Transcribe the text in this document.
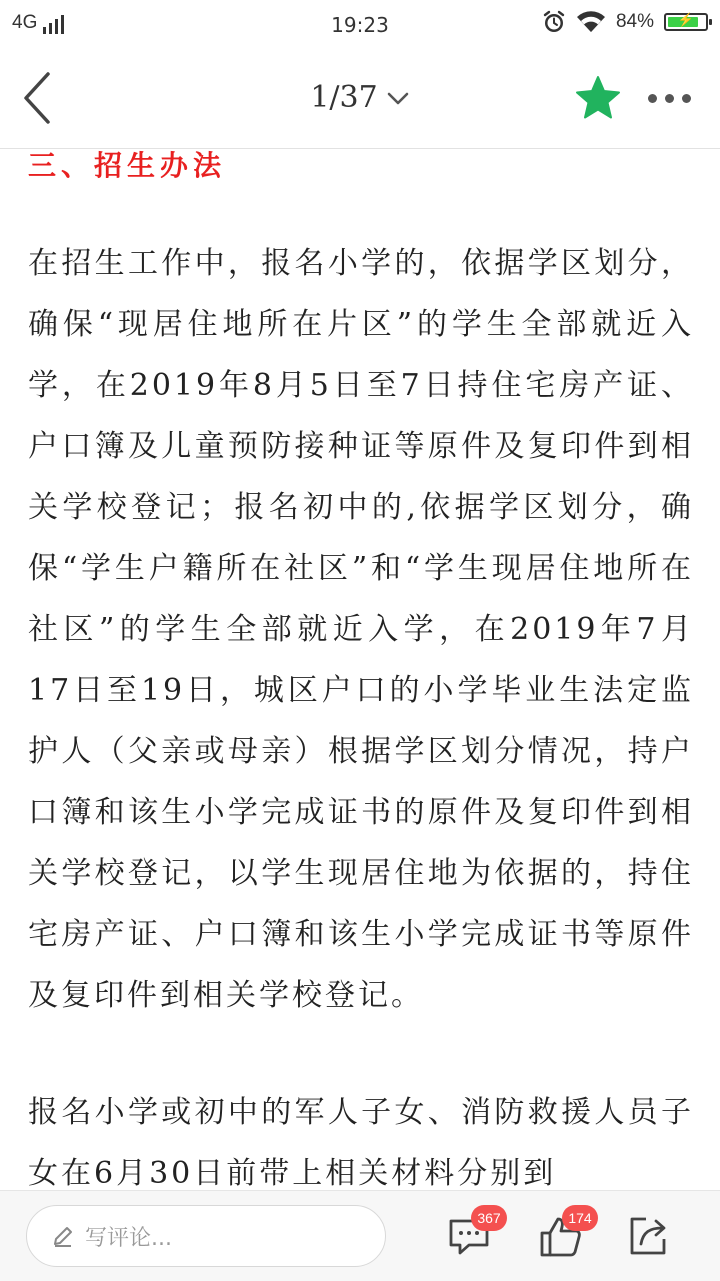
4G	19:23	84%	⚡
1/37
三、招生办法

在招生工作中，报名小学的，依据学区划分，确保“现居住地所在片区”的学生全部就近入学，在2019年8月5日至7日持住宅房产证、户口簿及儿童预防接种证等原件及复印件到相关学校登记；报名初中的,依据学区划分，确保“学生户籍所在社区”和“学生现居住地所在社区”的学生全部就近入学，在2019年7月17日至19日，城区户口的小学毕业生法定监护人（父亲或母亲）根据学区划分情况，持户口簿和该生小学完成证书的原件及复印件到相关学校登记，以学生现居住地为依据的，持住宅房产证、户口簿和该生小学完成证书等原件及复印件到相关学校登记。

报名小学或初中的军人子女、消防救援人员子女在6月30日前带上相关材料分别到

写评论...
367	174
